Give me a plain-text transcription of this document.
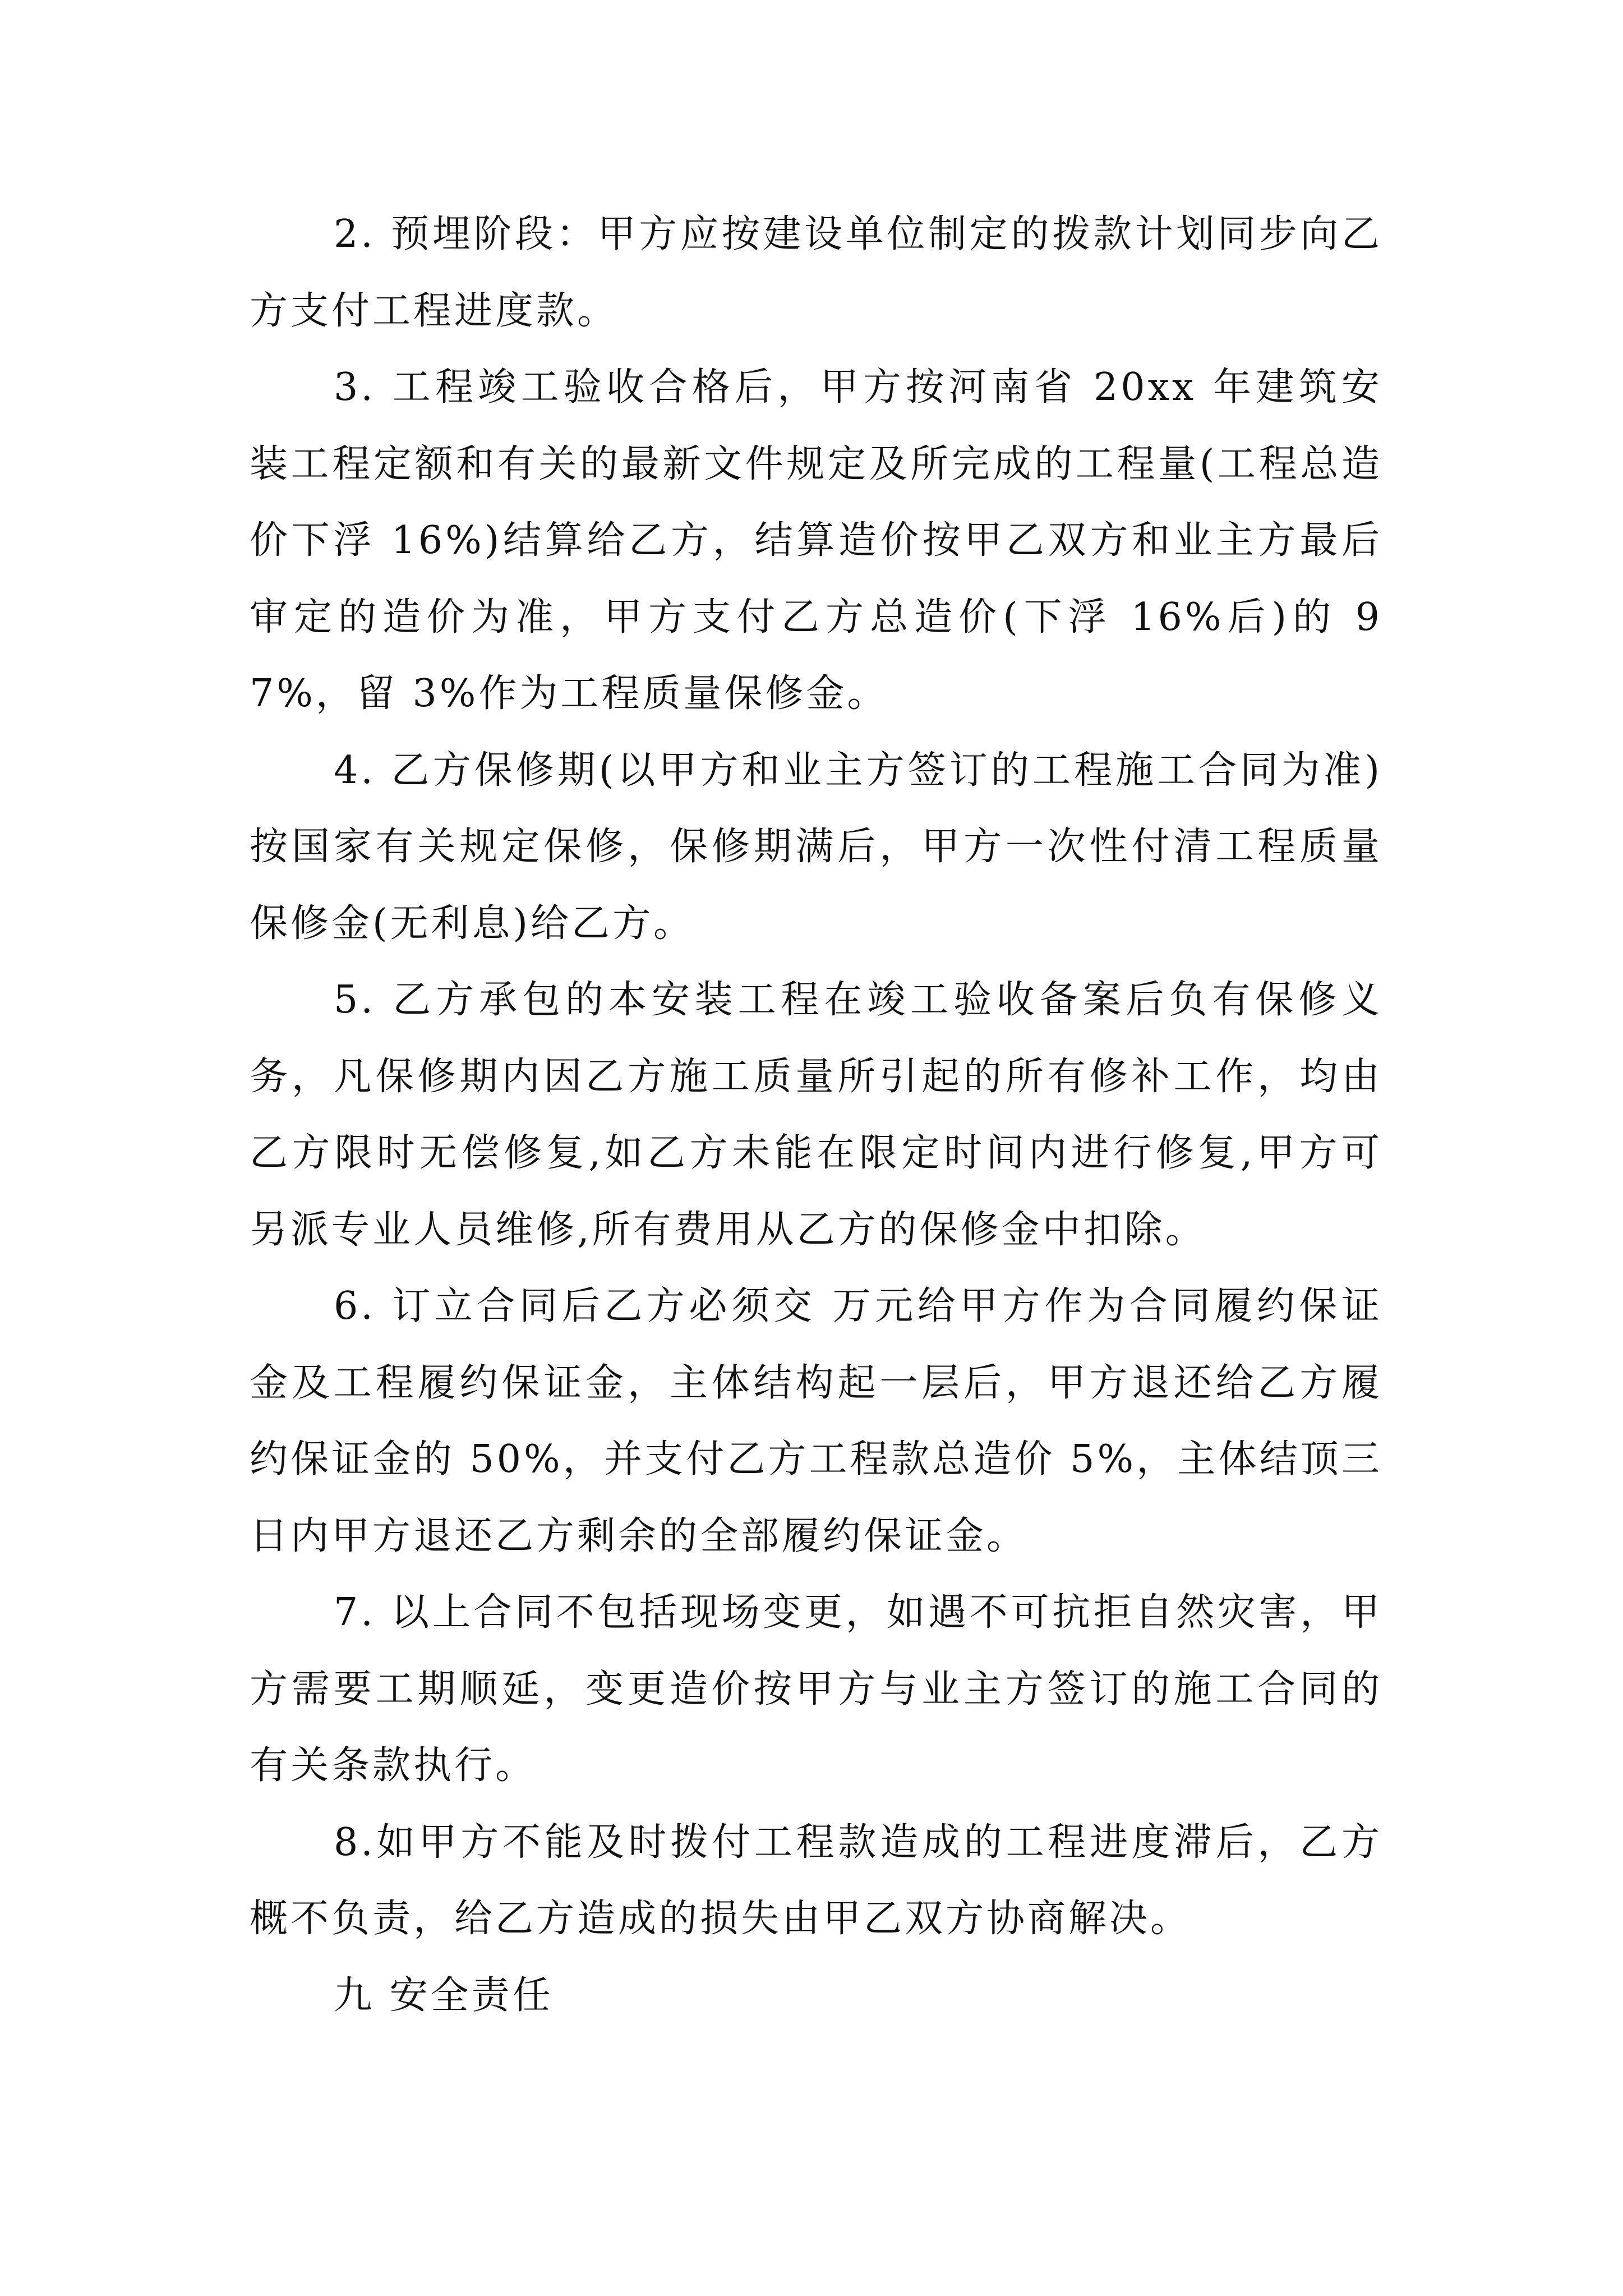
2. 预埋阶段：甲方应按建设单位制定的拨款计划同步向乙方支付工程进度款。

3. 工程竣工验收合格后，甲方按河南省 20xx 年建筑安装工程定额和有关的最新文件规定及所完成的工程量(工程总造价下浮 16%)结算给乙方，结算造价按甲乙双方和业主方最后审定的造价为准，甲方支付乙方总造价(下浮 16%后)的 97%，留 3%作为工程质量保修金。

4. 乙方保修期(以甲方和业主方签订的工程施工合同为准)按国家有关规定保修，保修期满后，甲方一次性付清工程质量保修金(无利息)给乙方。

5. 乙方承包的本安装工程在竣工验收备案后负有保修义务，凡保修期内因乙方施工质量所引起的所有修补工作，均由乙方限时无偿修复,如乙方未能在限定时间内进行修复,甲方可另派专业人员维修,所有费用从乙方的保修金中扣除。

6. 订立合同后乙方必须交 万元给甲方作为合同履约保证金及工程履约保证金，主体结构起一层后，甲方退还给乙方履约保证金的 50%，并支付乙方工程款总造价 5%，主体结顶三日内甲方退还乙方剩余的全部履约保证金。

7. 以上合同不包括现场变更，如遇不可抗拒自然灾害，甲方需要工期顺延，变更造价按甲方与业主方签订的施工合同的有关条款执行。

8.如甲方不能及时拨付工程款造成的工程进度滞后，乙方概不负责，给乙方造成的损失由甲乙双方协商解决。

九 安全责任
